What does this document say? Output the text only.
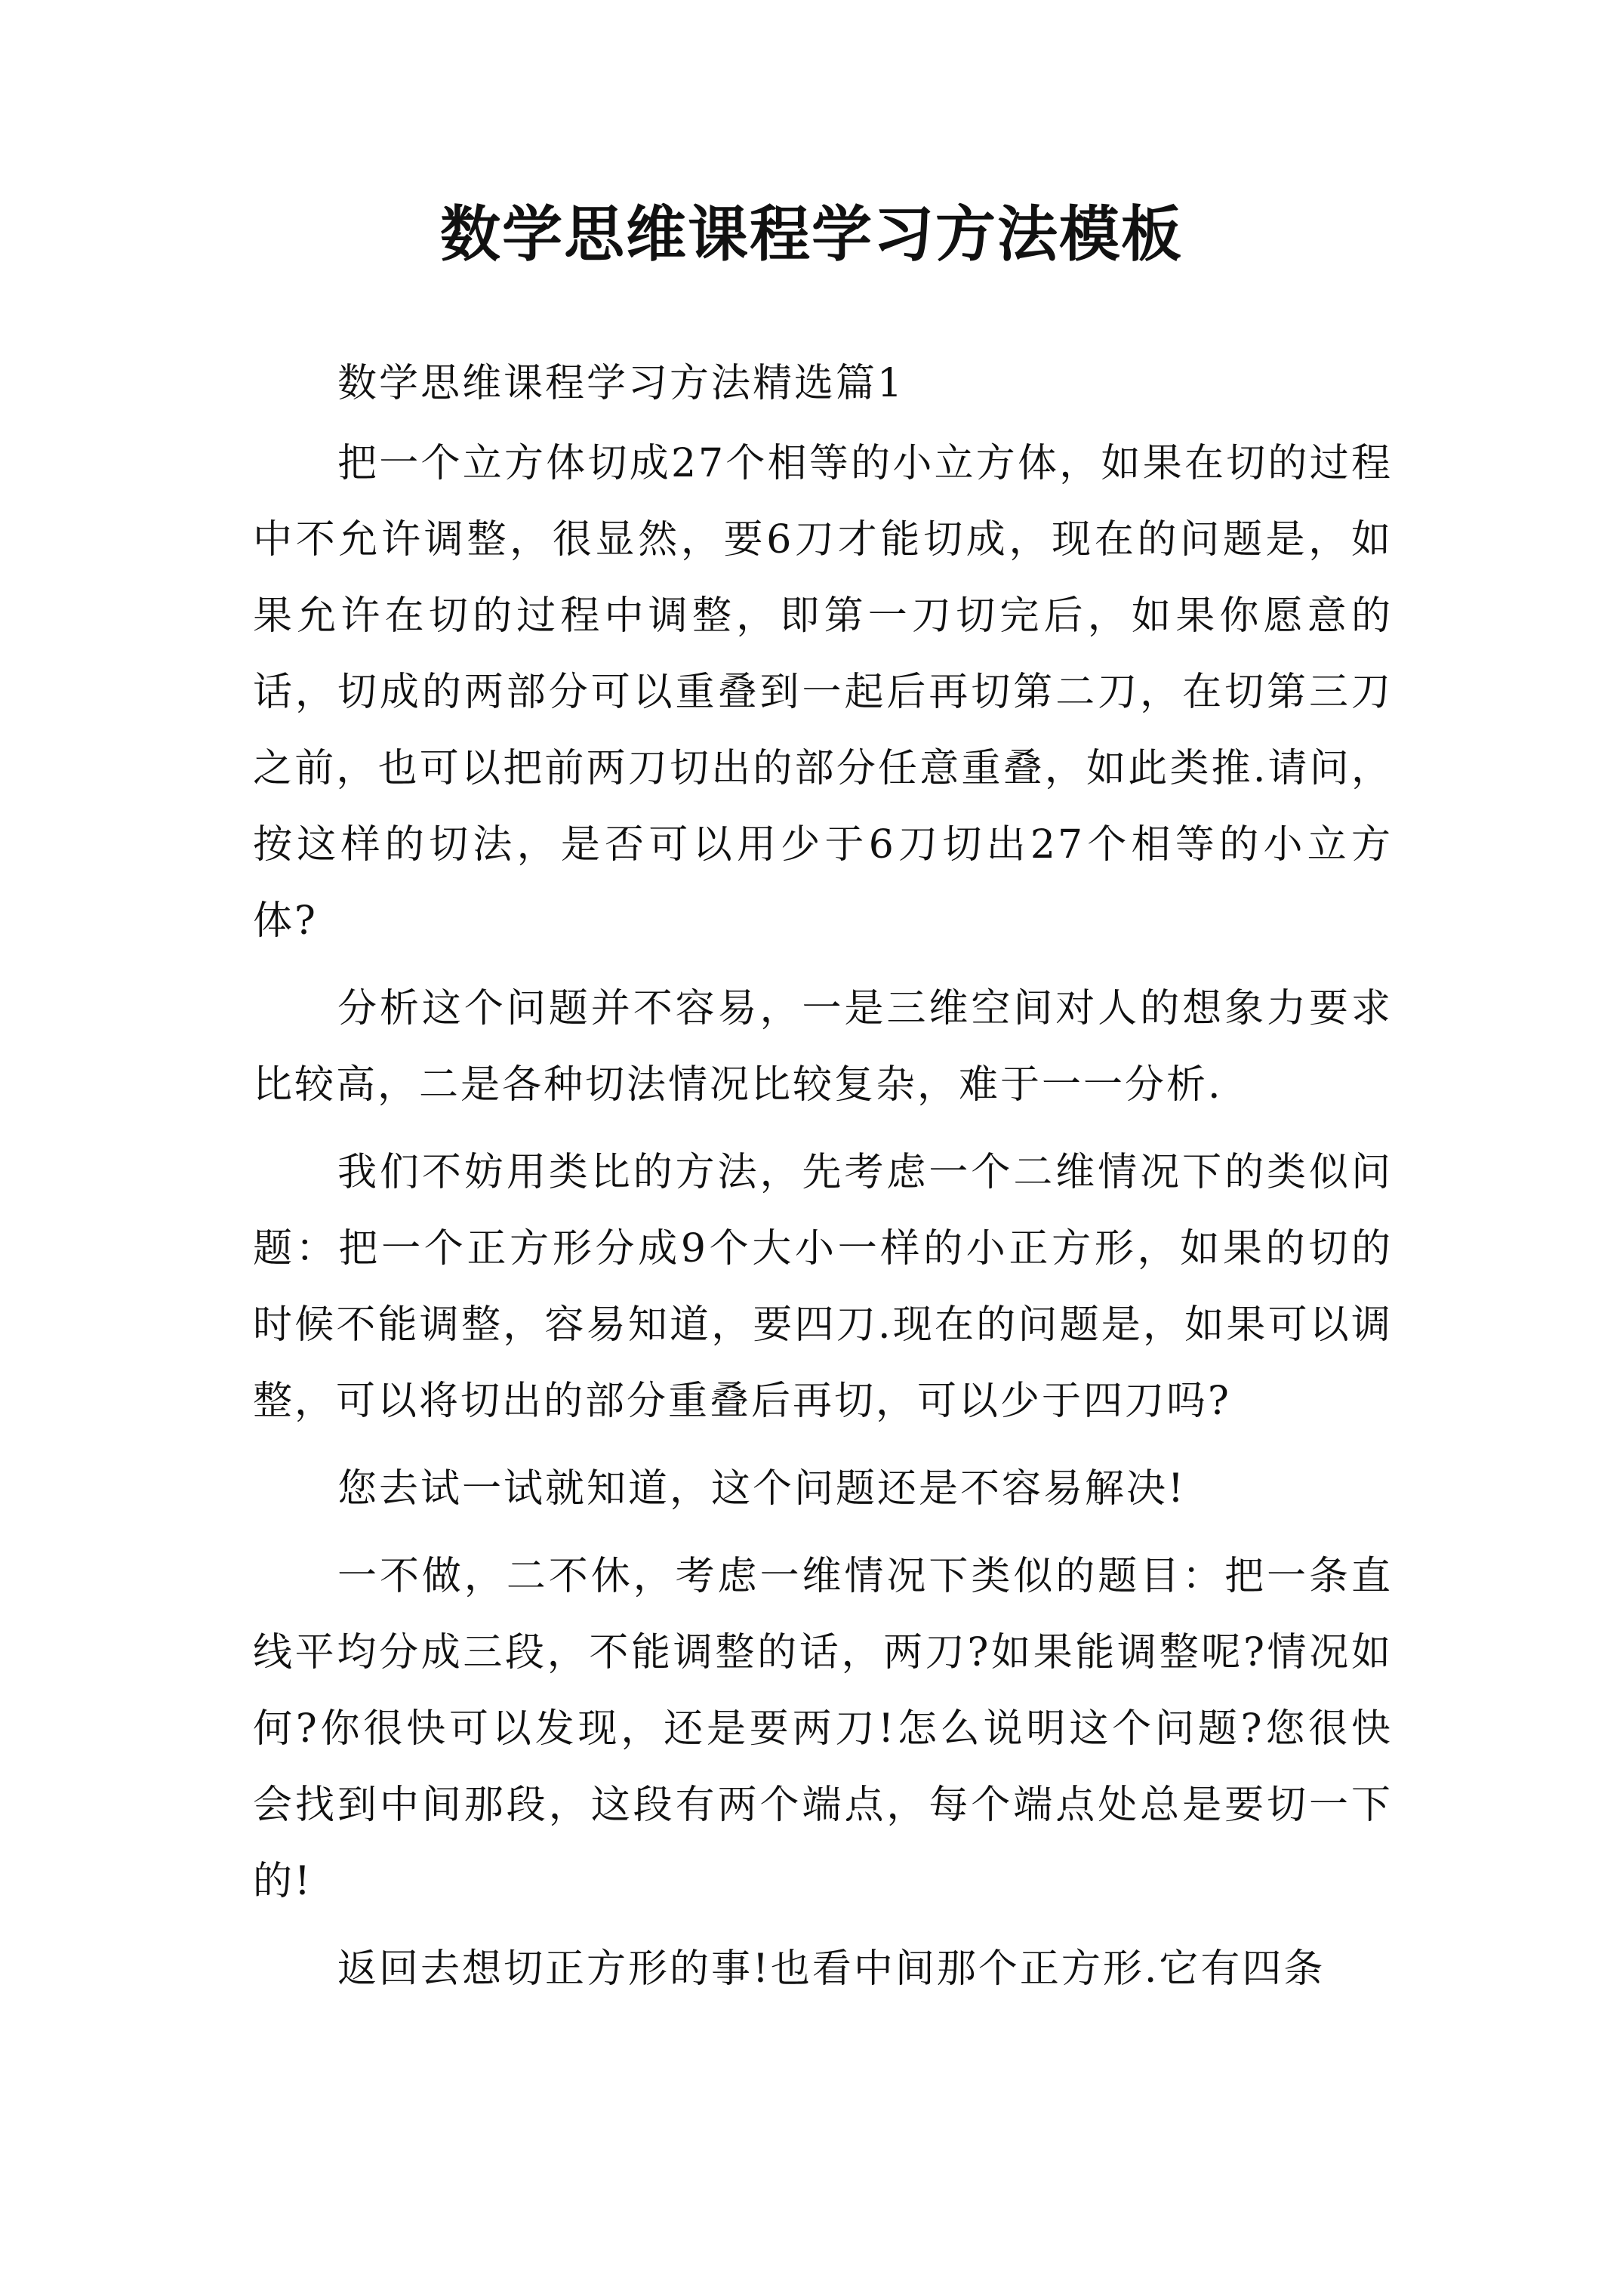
数学思维课程学习方法模板

数学思维课程学习方法精选篇1

把一个立方体切成27个相等的小立方体，如果在切的过程中不允许调整，很显然，要6刀才能切成，现在的问题是，如果允许在切的过程中调整，即第一刀切完后，如果你愿意的话，切成的两部分可以重叠到一起后再切第二刀，在切第三刀之前，也可以把前两刀切出的部分任意重叠，如此类推.请问，按这样的切法，是否可以用少于6刀切出27个相等的小立方体?

分析这个问题并不容易，一是三维空间对人的想象力要求比较高，二是各种切法情况比较复杂，难于一一分析.

我们不妨用类比的方法，先考虑一个二维情况下的类似问题：把一个正方形分成9个大小一样的小正方形，如果的切的时候不能调整，容易知道，要四刀.现在的问题是，如果可以调整，可以将切出的部分重叠后再切，可以少于四刀吗?

您去试一试就知道，这个问题还是不容易解决!

一不做，二不休，考虑一维情况下类似的题目：把一条直线平均分成三段，不能调整的话，两刀?如果能调整呢?情况如何?你很快可以发现，还是要两刀!怎么说明这个问题?您很快会找到中间那段，这段有两个端点，每个端点处总是要切一下的!

返回去想切正方形的事!也看中间那个正方形.它有四条
